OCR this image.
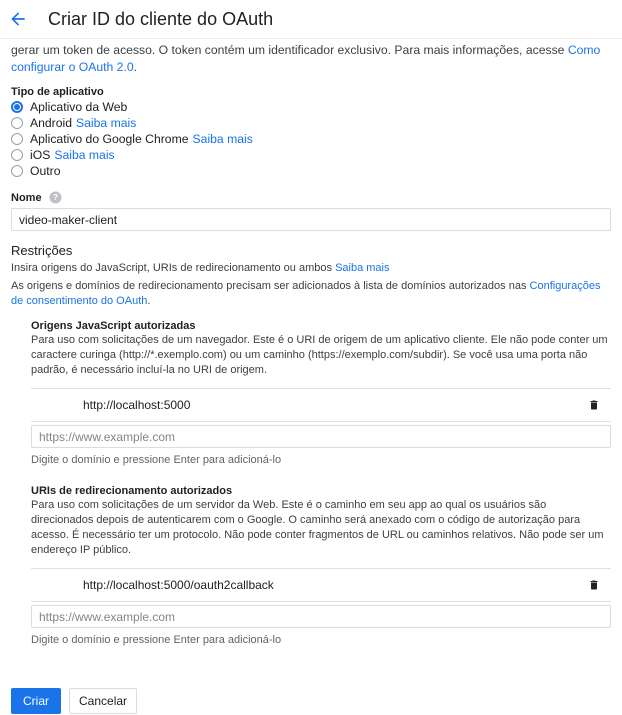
Criar ID do cliente do OAuth
gerar um token de acesso. O token contém um identificador exclusivo. Para mais informações, acesse Como configurar o OAuth 2.0.
Tipo de aplicativo
Aplicativo da Web
Android Saiba mais
Aplicativo do Google Chrome Saiba mais
iOS Saiba mais
Outro
Nome ?
video-maker-client
Restrições
Insira origens do JavaScript, URIs de redirecionamento ou ambos Saiba mais
As origens e domínios de redirecionamento precisam ser adicionados à lista de domínios autorizados nas Configurações de consentimento do OAuth.
Origens JavaScript autorizadas
Para uso com solicitações de um navegador. Este é o URI de origem de um aplicativo cliente. Ele não pode conter um caractere curinga (http://*.exemplo.com) ou um caminho (https://exemplo.com/subdir). Se você usa uma porta não padrão, é necessário incluí-la no URI de origem.
http://localhost:5000
https://www.example.com
Digite o domínio e pressione Enter para adicioná-lo
URIs de redirecionamento autorizados
Para uso com solicitações de um servidor da Web. Este é o caminho em seu app ao qual os usuários são direcionados depois de autenticarem com o Google. O caminho será anexado com o código de autorização para acesso. É necessário ter um protocolo. Não pode conter fragmentos de URL ou caminhos relativos. Não pode ser um endereço IP público.
http://localhost:5000/oauth2callback
https://www.example.com
Digite o domínio e pressione Enter para adicioná-lo
Criar	Cancelar
